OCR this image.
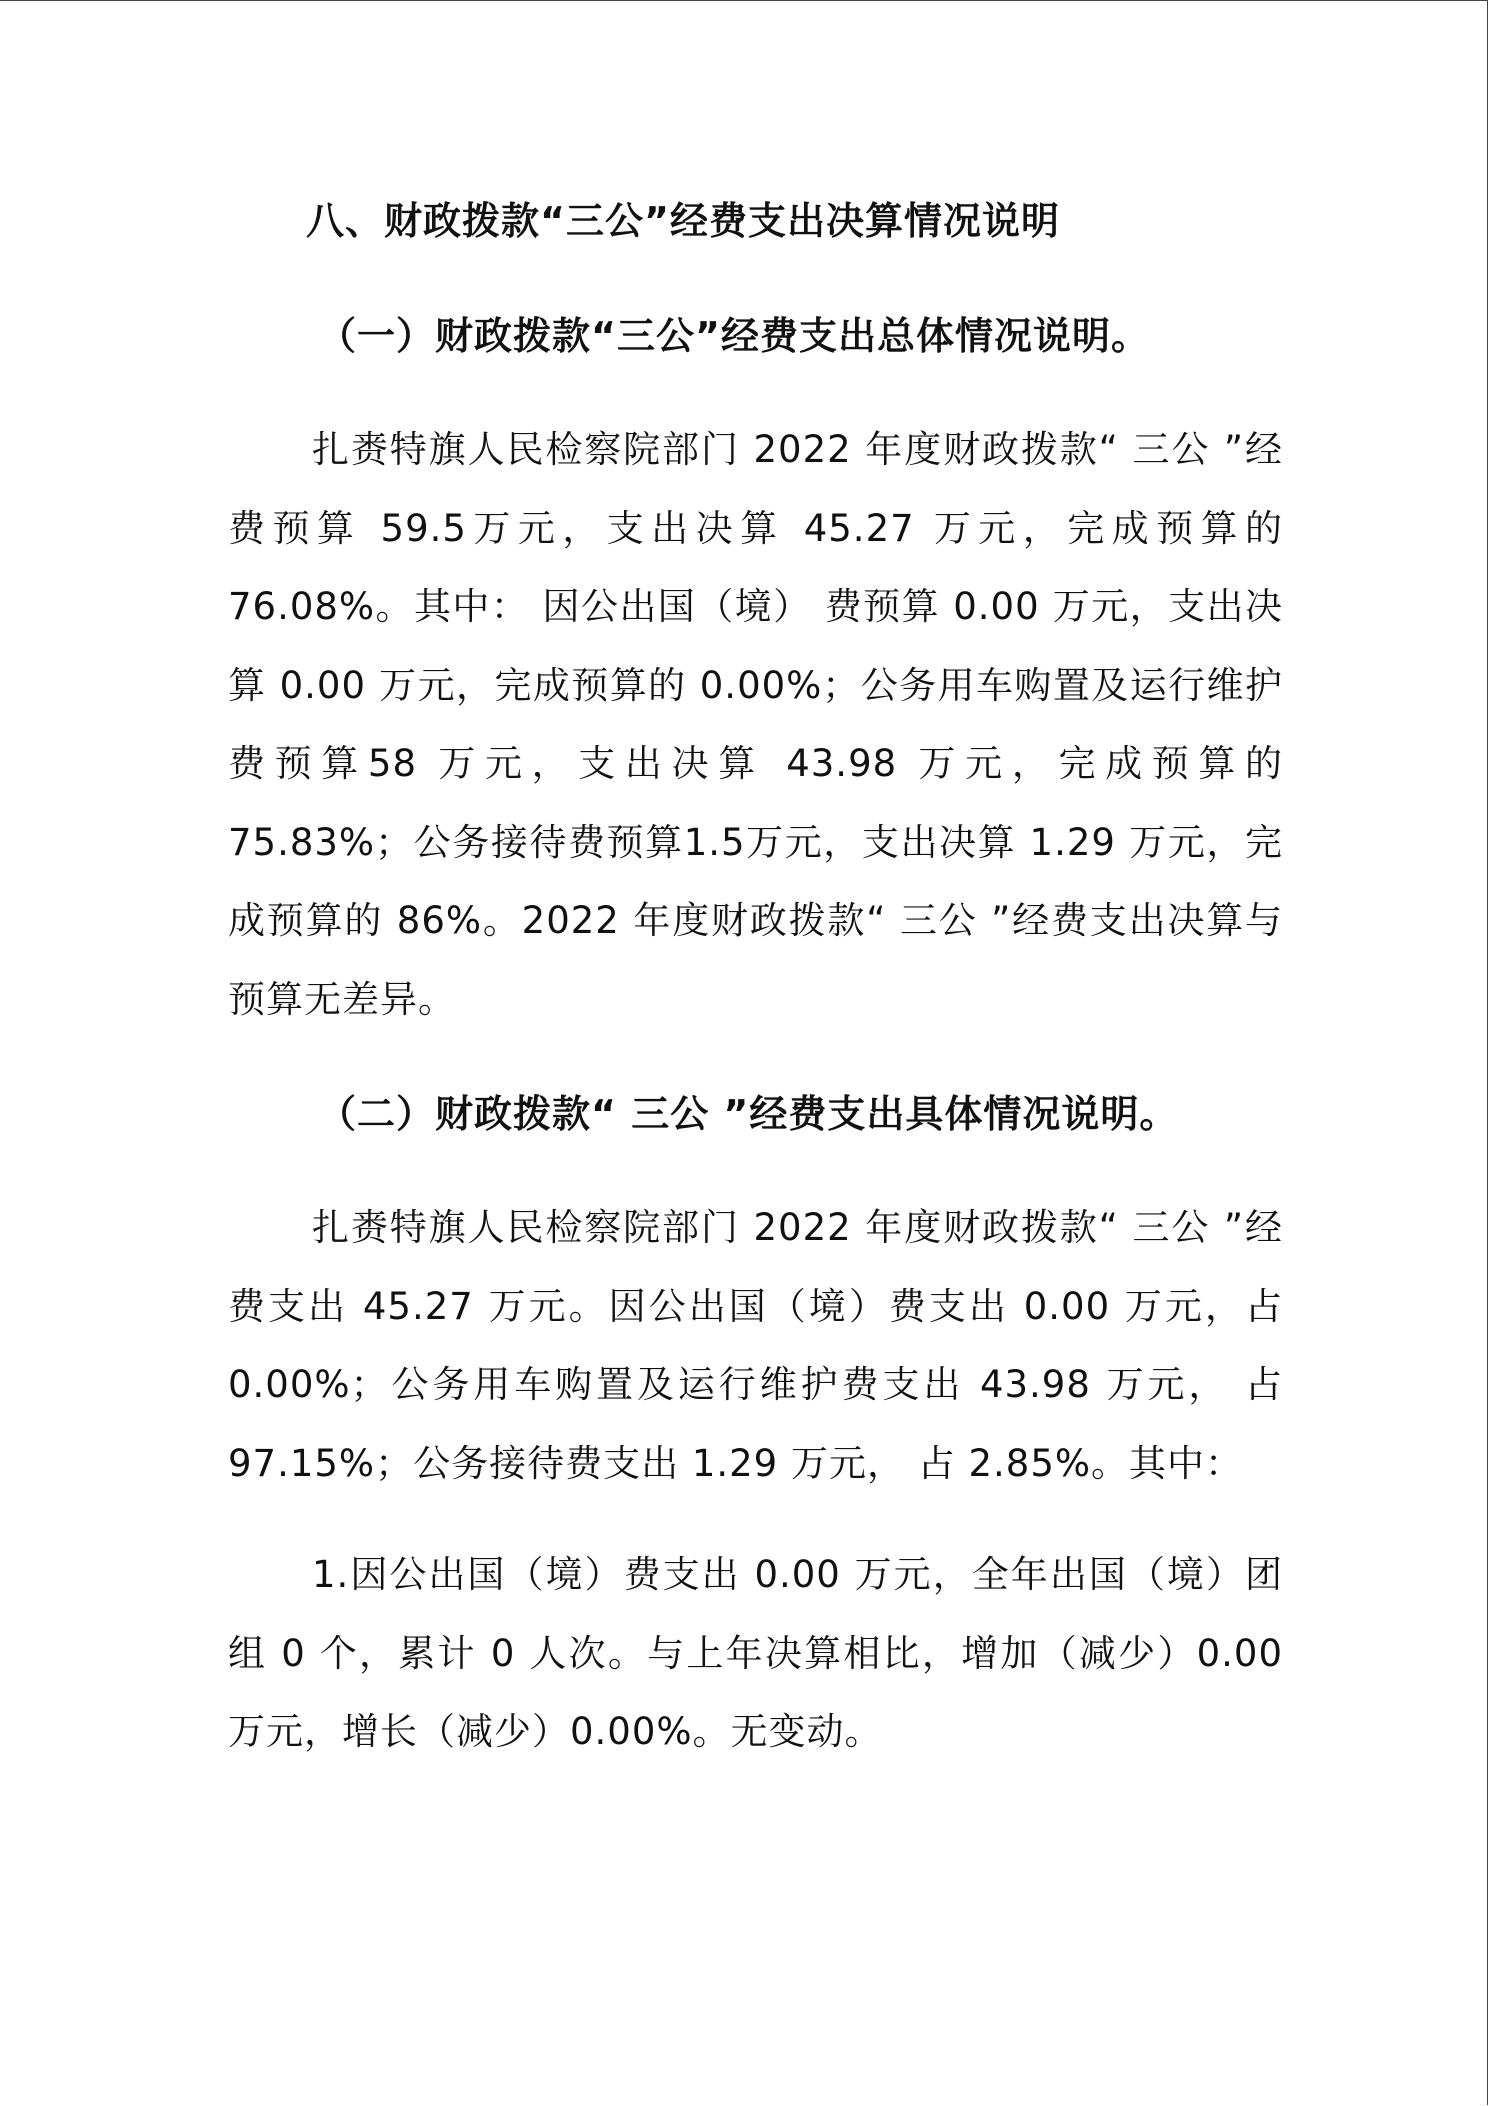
八、财政拨款“三公”经费支出决算情况说明
（一）财政拨款“三公”经费支出总体情况说明。
扎赉特旗人民检察院部门 2022 年度财政拨款“ 三公 ”经费预算 59.5万元，支出决算 45.27 万元，完成预算的76.08%。其中： 因公出国（境） 费预算 0.00 万元，支出决算 0.00 万元，完成预算的 0.00%；公务用车购置及运行维护费预算58 万元，支出决算 43.98 万元，完成预算的 75.83%；公务接待费预算1.5万元，支出决算 1.29 万元，完成预算的 86%。2022 年度财政拨款“ 三公 ”经费支出决算与预算无差异。
（二）财政拨款“ 三公 ”经费支出具体情况说明。
扎赉特旗人民检察院部门 2022 年度财政拨款“ 三公 ”经费支出 45.27 万元。因公出国（境）费支出 0.00 万元，占 0.00%；公务用车购置及运行维护费支出 43.98 万元， 占 97.15%；公务接待费支出 1.29 万元， 占 2.85%。其中：
1.因公出国（境）费支出 0.00 万元，全年出国（境）团组 0 个，累计 0 人次。与上年决算相比，增加（减少）0.00 万元，增长（减少）0.00%。无变动。
